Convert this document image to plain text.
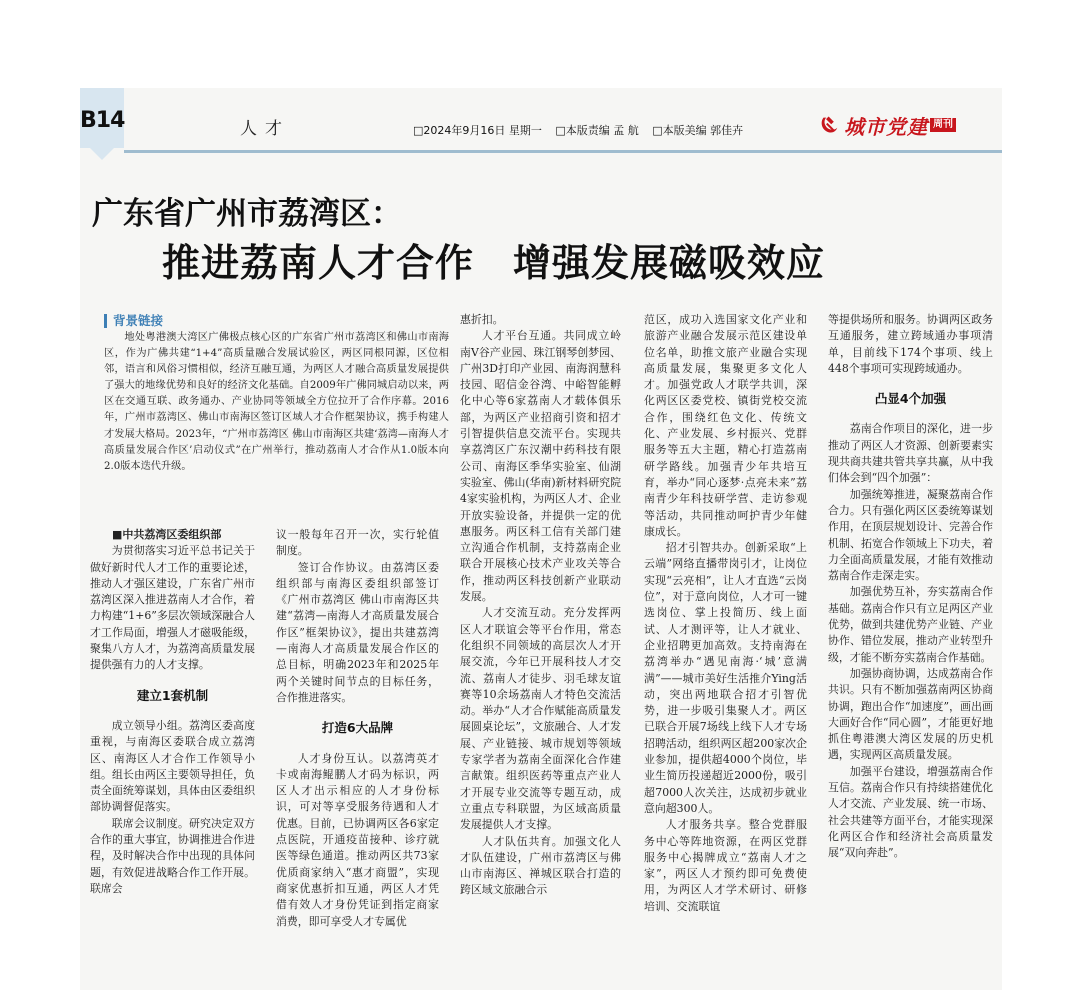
B14	人才	□2024年9月16日 星期一 □本版责编 孟 航 □本版美编 郭佳卉	城市党建 周刊
广东省广州市荔湾区：
推进荔南人才合作　增强发展磁吸效应
背景链接
地处粤港澳大湾区广佛极点核心区的广东省广州市荔湾区和佛山市南海区，作为广佛共建“1+4”高质量融合发展试验区，两区同根同源，区位相邻，语言和风俗习惯相似，经济互融互通，为两区人才融合高质量发展提供了强大的地缘优势和良好的经济文化基础。自2009年广佛同城启动以来，两区在交通互联、政务通办、产业协同等领域全方位拉开了合作序幕。2016年，广州市荔湾区、佛山市南海区签订区域人才合作框架协议，携手构建人才发展大格局。2023年，“广州市荔湾区 佛山市南海区共建‘荔湾—南海人才高质量发展合作区’启动仪式”在广州举行，推动荔南人才合作从1.0版本向2.0版本迭代升级。

■中共荔湾区委组织部

为贯彻落实习近平总书记关于做好新时代人才工作的重要论述，推动人才强区建设，广东省广州市荔湾区深入推进荔南人才合作，着力构建“1+6”多层次领域深融合人才工作局面，增强人才磁吸能级，聚集八方人才，为荔湾高质量发展提供强有力的人才支撑。

建立1套机制

成立领导小组。荔湾区委高度重视，与南海区委联合成立荔湾区、南海区人才合作工作领导小组。组长由两区主要领导担任，负责全面统筹谋划，具体由区委组织部协调督促落实。

联席会议制度。研究决定双方合作的重大事宜，协调推进合作进程，及时解决合作中出现的具体问题，有效促进战略合作工作开展。联席会

议一般每年召开一次，实行轮值制度。

签订合作协议。由荔湾区委组织部与南海区委组织部签订《广州市荔湾区 佛山市南海区共建“荔湾—南海人才高质量发展合作区”框架协议》，提出共建荔湾—南海人才高质量发展合作区的总目标，明确2023年和2025年两个关键时间节点的目标任务，合作推进落实。

打造6大品牌

人才身份互认。以荔湾英才卡或南海鲲鹏人才码为标识，两区人才出示相应的人才身份标识，可对等享受服务待遇和人才优惠。目前，已协调两区各6家定点医院，开通疫苗接种、诊疗就医等绿色通道。推动两区共73家优质商家纳入“惠才商盟”，实现商家优惠折扣互通，两区人才凭借有效人才身份凭证到指定商家消费，即可享受人才专属优

惠折扣。

人才平台互通。共同成立岭南V谷产业园、珠江钢琴创梦园、广州3D打印产业园、南海润慧科技园、昭信金谷湾、中峪智能孵化中心等6家荔南人才载体俱乐部，为两区产业招商引资和招才引智提供信息交流平台。实现共享荔湾区广东汉潮中药科技有限公司、南海区季华实验室、仙湖实验室、佛山(华南)新材料研究院4家实验机构，为两区人才、企业开放实验设备，并提供一定的优惠服务。两区科工信有关部门建立沟通合作机制，支持荔南企业联合开展核心技术产业攻关等合作，推动两区科技创新产业联动发展。

人才交流互动。充分发挥两区人才联谊会等平台作用，常态化组织不同领域的高层次人才开展交流，今年已开展科技人才交流、荔南人才徒步、羽毛球友谊赛等10余场荔南人才特色交流活动。举办“人才合作赋能高质量发展圆桌论坛”，文旅融合、人才发展、产业链接、城市规划等领域专家学者为荔南全面深化合作建言献策。组织医药等重点产业人才开展专业交流等专题互动，成立重点专科联盟，为区域高质量发展提供人才支撑。

人才队伍共育。加强文化人才队伍建设，广州市荔湾区与佛山市南海区、禅城区联合打造的跨区域文旅融合示

范区，成功入选国家文化产业和旅游产业融合发展示范区建设单位名单，助推文旅产业融合实现高质量发展，集聚更多文化人才。加强党政人才联学共训，深化两区区委党校、镇街党校交流合作，围绕红色文化、传统文化、产业发展、乡村振兴、党群服务等五大主题，精心打造荔南研学路线。加强青少年共培互育，举办“同心逐梦·点亮未来”荔南青少年科技研学营、走访参观等活动，共同推动呵护青少年健康成长。

招才引智共办。创新采取“上云端”网络直播带岗引才，让岗位实现“云亮相”，让人才直选“云岗位”，对于意向岗位，人才可一键选岗位、掌上投简历、线上面试、人才测评等，让人才就业、企业招聘更加高效。支持南海在荔湾举办“遇见南海·‘城’意满满”——城市美好生活推介Ying活动，突出两地联合招才引智优势，进一步吸引集聚人才。两区已联合开展7场线上线下人才专场招聘活动，组织两区超200家次企业参加，提供超4000个岗位，毕业生简历投递超近2000份，吸引超7000人次关注，达成初步就业意向超300人。

人才服务共享。整合党群服务中心等阵地资源，在两区党群服务中心揭牌成立“荔南人才之家”，两区人才预约即可免费使用，为两区人才学术研讨、研修培训、交流联谊

等提供场所和服务。协调两区政务互通服务，建立跨域通办事项清单，目前线下174个事项、线上448个事项可实现跨域通办。

凸显4个加强

荔南合作项目的深化，进一步推动了两区人才资源、创新要素实现共商共建共管共享共赢，从中我们体会到“四个加强”：

加强统筹推进，凝聚荔南合作合力。只有强化两区区委统筹谋划作用，在顶层规划设计、完善合作机制、拓宽合作领域上下功夫，着力全面高质量发展，才能有效推动荔南合作走深走实。

加强优势互补，夯实荔南合作基础。荔南合作只有立足两区产业优势，做到共建优势产业链、产业协作、错位发展，推动产业转型升级，才能不断夯实荔南合作基础。

加强协商协调，达成荔南合作共识。只有不断加强荔南两区协商协调，跑出合作“加速度”，画出画大画好合作“同心圆”，才能更好地抓住粤港澳大湾区发展的历史机遇，实现两区高质量发展。

加强平台建设，增强荔南合作互信。荔南合作只有持续搭建优化人才交流、产业发展、统一市场、社会共建等方面平台，才能实现深化两区合作和经济社会高质量发展“双向奔赴”。
